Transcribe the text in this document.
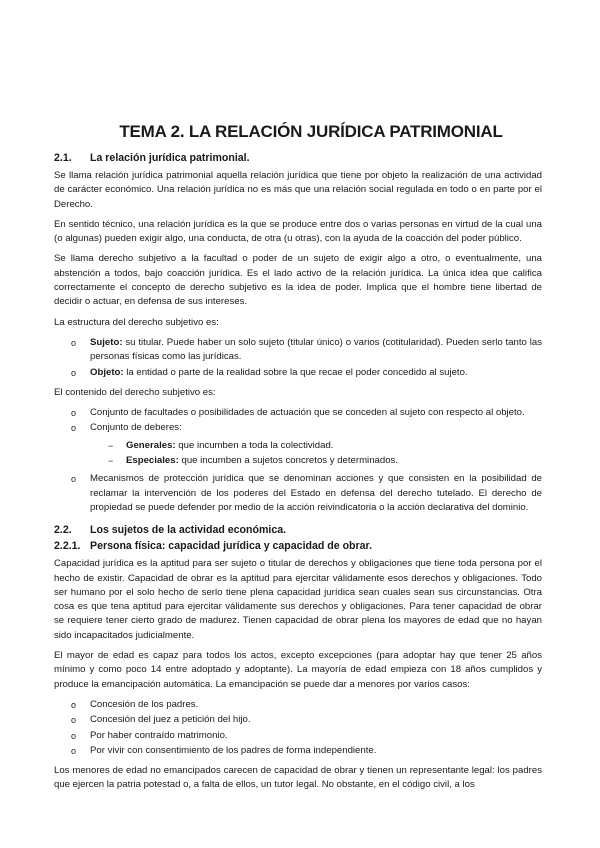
TEMA 2. LA RELACIÓN JURÍDICA PATRIMONIAL
2.1.	La relación jurídica patrimonial.

Se llama relación jurídica patrimonial aquella relación jurídica que tiene por objeto la realización de una actividad de carácter económico. Una relación jurídica no es más que una relación social regulada en todo o en parte por el Derecho.

En sentido técnico, una relación jurídica es la que se produce entre dos o varias personas en virtud de la cual una (o algunas) pueden exigir algo, una conducta, de otra (u otras), con la ayuda de la coacción del poder público.

Se llama derecho subjetivo a la facultad o poder de un sujeto de exigir algo a otro, o eventualmente, una abstención a todos, bajo coacción jurídica. Es el lado activo de la relación jurídica. La única idea que califica correctamente el concepto de derecho subjetivo es la idea de poder. Implica que el hombre tiene libertad de decidir o actuar, en defensa de sus intereses.

La estructura del derecho subjetivo es:

o Sujeto: su titular. Puede haber un solo sujeto (titular único) o varios (cotitularidad). Pueden serlo tanto las personas físicas como las jurídicas.
o Objeto: la entidad o parte de la realidad sobre la que recae el poder concedido al sujeto.

El contenido del derecho subjetivo es:

o Conjunto de facultades o posibilidades de actuación que se conceden al sujeto con respecto al objeto.
o Conjunto de deberes:
− Generales: que incumben a toda la colectividad.
− Especiales: que incumben a sujetos concretos y determinados.
o Mecanismos de protección jurídica que se denominan acciones y que consisten en la posibilidad de reclamar la intervención de los poderes del Estado en defensa del derecho tutelado. El derecho de propiedad se puede defender por medio de la acción reivindicatoria o la acción declarativa del dominio.
2.2.	Los sujetos de la actividad económica.
2.2.1. Persona física: capacidad jurídica y capacidad de obrar.

Capacidad jurídica es la aptitud para ser sujeto o titular de derechos y obligaciones que tiene toda persona por el hecho de existir. Capacidad de obrar es la aptitud para ejercitar válidamente esos derechos y obligaciones. Todo ser humano por el solo hecho de serlo tiene plena capacidad jurídica sean cuales sean sus circunstancias. Otra cosa es que tena aptitud para ejercitar válidamente sus derechos y obligaciones. Para tener capacidad de obrar se requiere tener cierto grado de madurez. Tienen capacidad de obrar plena los mayores de edad que no hayan sido incapacitados judicialmente.

El mayor de edad es capaz para todos los actos, excepto excepciones (para adoptar hay que tener 25 años mínimo y como poco 14 entre adoptado y adoptante). La mayoría de edad empieza con 18 años cumplidos y produce la emancipación automática. La emancipación se puede dar a menores por varios casos:

o Concesión de los padres.
o Concesión del juez a petición del hijo.
o Por haber contraído matrimonio.
o Por vivir con consentimiento de los padres de forma independiente.

Los menores de edad no emancipados carecen de capacidad de obrar y tienen un representante legal: los padres que ejercen la patria potestad o, a falta de ellos, un tutor legal. No obstante, en el código civil, a los
